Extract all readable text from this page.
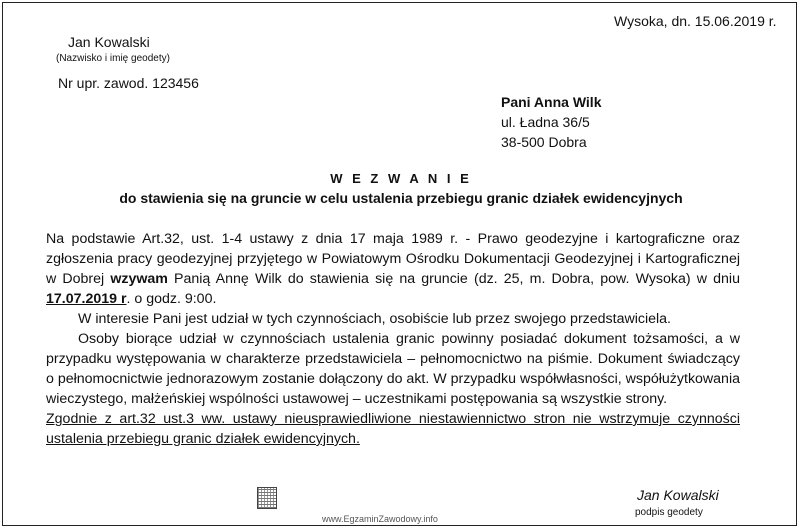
Wysoka, dn. 15.06.2019 r.
Jan Kowalski
(Nazwisko i imię geodety)
Nr upr. zawod. 123456
Pani Anna Wilk
ul. Ładna 36/5
38-500 Dobra
W E Z W A N I E
do stawienia się na gruncie w celu ustalenia przebiegu granic działek ewidencyjnych

Na podstawie Art.32, ust. 1-4 ustawy z dnia 17 maja 1989 r. - Prawo geodezyjne i kartograficzne oraz zgłoszenia pracy geodezyjnej przyjętego w Powiatowym Ośrodku Dokumentacji Geodezyjnej i Kartograficznej w Dobrej wzywam Panią Annę Wilk do stawienia się na gruncie (dz. 25, m. Dobra, pow. Wysoka) w dniu 17.07.2019 r. o godz. 9:00.

W interesie Pani jest udział w tych czynnościach, osobiście lub przez swojego przedstawiciela.

Osoby biorące udział w czynnościach ustalenia granic powinny posiadać dokument tożsamości, a w przypadku występowania w charakterze przedstawiciela – pełnomocnictwo na piśmie. Dokument świadczący o pełnomocnictwie jednorazowym zostanie dołączony do akt. W przypadku współwłasności, współużytkowania wieczystego, małżeńskiej wspólności ustawowej – uczestnikami postępowania są wszystkie strony.

Zgodnie z art.32 ust.3 ww. ustawy nieusprawiedliwione niestawiennictwo stron nie wstrzymuje czynności ustalenia przebiegu granic działek ewidencyjnych.

Jan Kowalski
podpis geodety
www.EgzaminZawodowy.info
